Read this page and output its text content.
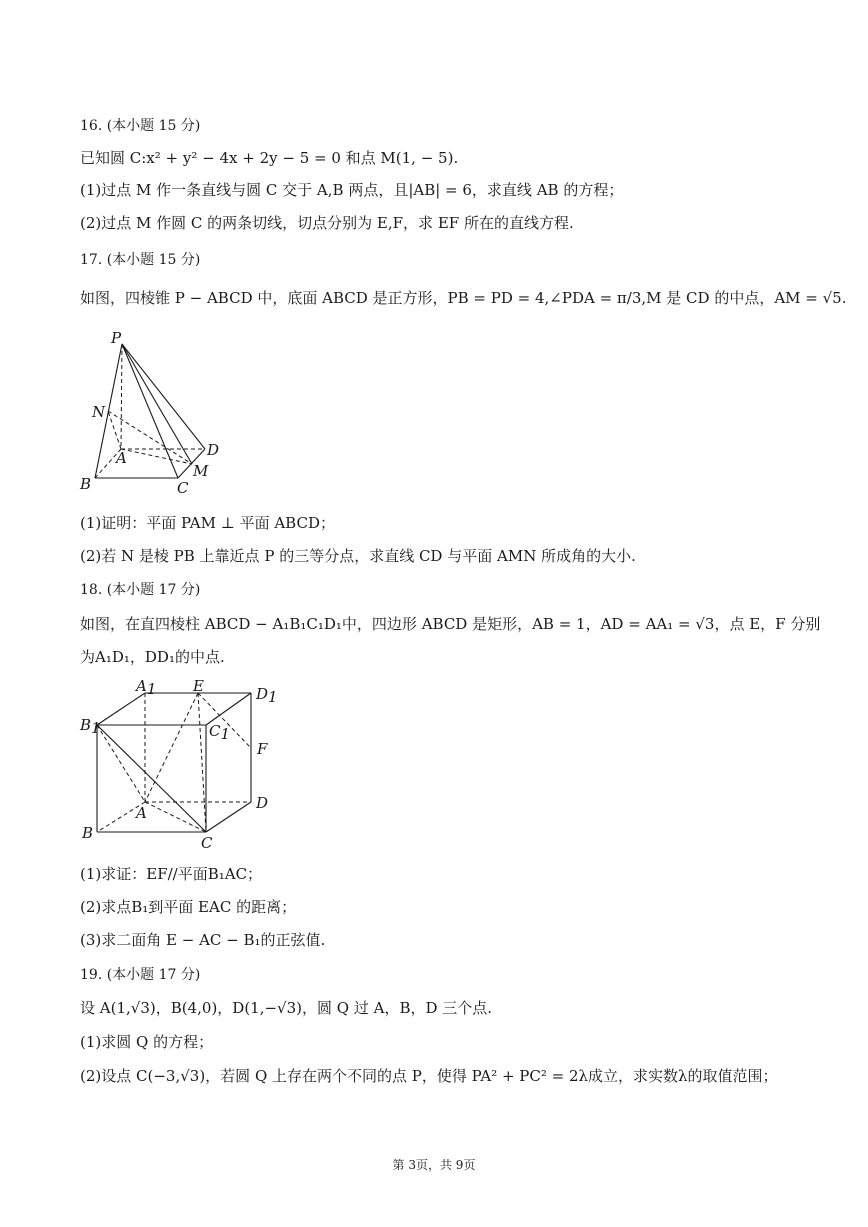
16. (本小题 15 分)
已知圆 C:x² + y² − 4x + 2y − 5 = 0 和点 M(1, − 5).
(1)过点 M 作一条直线与圆 C 交于 A,B 两点，且|AB| = 6，求直线 AB 的方程；
(2)过点 M 作圆 C 的两条切线，切点分别为 E,F，求 EF 所在的直线方程.
17. (本小题 15 分)
如图，四棱锥 P − ABCD 中，底面 ABCD 是正方形，PB = PD = 4,∠PDA = π/3,M 是 CD 的中点，AM = √5.
P
N
A	D
M
B	C
(1)证明：平面 PAM ⊥ 平面 ABCD；
(2)若 N 是棱 PB 上靠近点 P 的三等分点，求直线 CD 与平面 AMN 所成角的大小.
18. (本小题 17 分)
如图，在直四棱柱 ABCD − A₁B₁C₁D₁中，四边形 ABCD 是矩形，AB = 1，AD = AA₁ = √3，点 E，F 分别
为A₁D₁，DD₁的中点.
A1 E	D1
B1	C1
F
D
A
B
C
(1)求证：EF//平面B₁AC；
(2)求点B₁到平面 EAC 的距离；
(3)求二面角 E − AC − B₁的正弦值.
19. (本小题 17 分)
设 A(1,√3)，B(4,0)，D(1,−√3)，圆 Q 过 A，B，D 三个点.
(1)求圆 Q 的方程；
(2)设点 C(−3,√3)，若圆 Q 上存在两个不同的点 P，使得 PA² + PC² = 2λ成立，求实数λ的取值范围；
第 3页，共 9页
